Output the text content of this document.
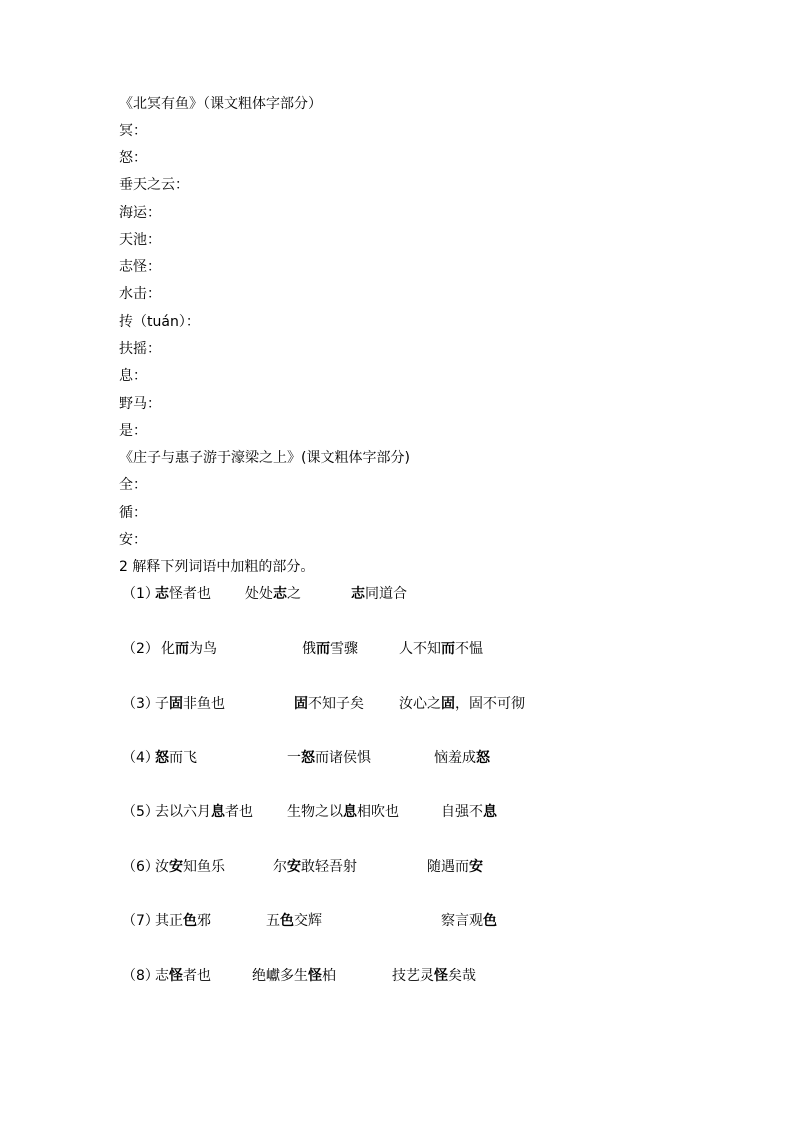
《北冥有鱼》（课文粗体字部分）
冥：
怒：
垂天之云：
海运：
天池：
志怪：
水击：
抟（tuán）：
扶摇：
息：
野马：
是：
《庄子与惠子游于濠梁之上》(课文粗体字部分)
全：
循：
安：
2 解释下列词语中加粗的部分。
（1）
志怪者也 处处志之	志同道合
（2） 化而为鸟	俄而雪骤	人不知而不愠
（3）
子固非鱼也	固不知子矣	汝心之固，固不可彻
（4）
怒而飞	一怒而诸侯惧	恼羞成怒
（5）
去以六月息者也 生物之以息相吹也	自强不息
（6）
汝安知鱼乐	尔安敢轻吾射	随遇而安
（7）
其正色邪	五色交辉	察言观色
（8）
志怪者也	绝巘多生怪柏	技艺灵怪矣哉
